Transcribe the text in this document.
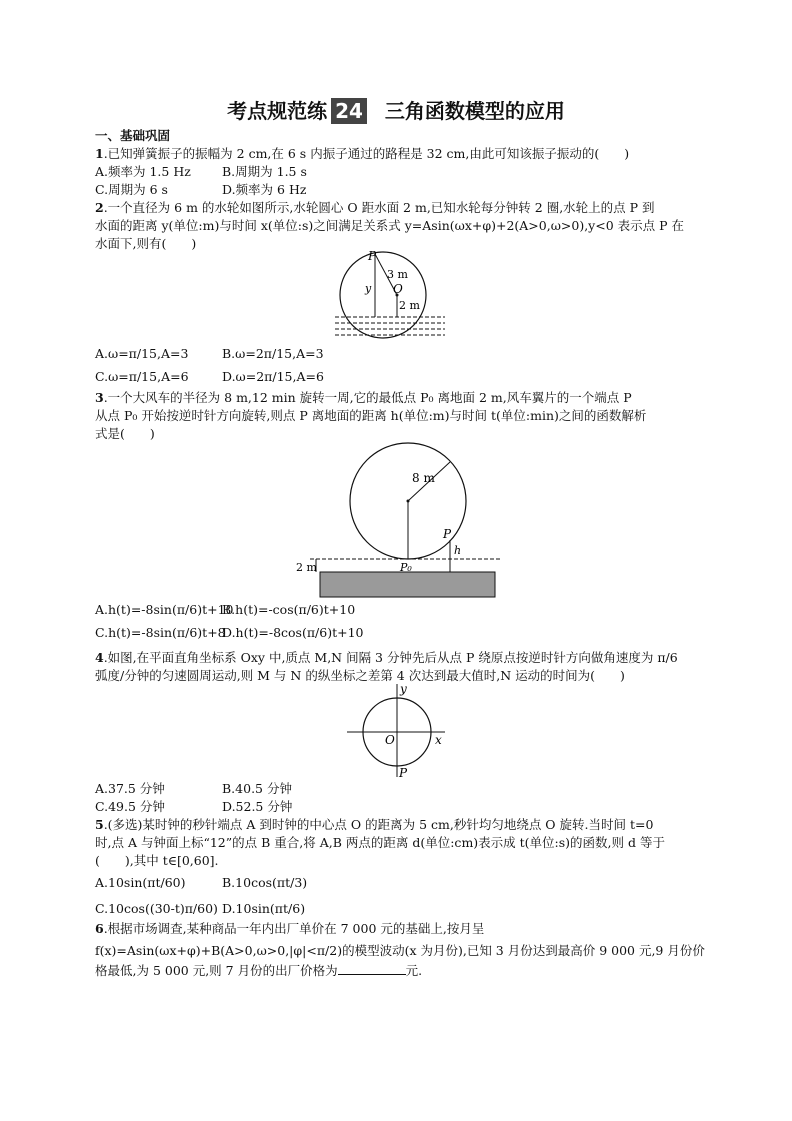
考点规范练 24 三角函数模型的应用
一、基础巩固
1.已知弹簧振子的振幅为 2 cm,在 6 s 内振子通过的路程是 32 cm,由此可知该振子振动的(　　)
A.频率为 1.5 Hz B.周期为 1.5 s
C.周期为 6 s	D.频率为 6 Hz
2.一个直径为 6 m 的水轮如图所示,水轮圆心 O 距水面 2 m,已知水轮每分钟转 2 圈,水轮上的点 P 到
水面的距离 y(单位:m)与时间 x(单位:s)之间满足关系式 y=Asin(ωx+φ)+2(A>0,ω>0),y<0 表示点 P 在
水面下,则有(　　)
P
3 m
O
y
2 m
A.ω=π/15,A=3	B.ω=2π/15,A=3
C.ω=π/15,A=6	D.ω=2π/15,A=6
3.一个大风车的半径为 8 m,12 min 旋转一周,它的最低点 P₀ 离地面 2 m,风车翼片的一个端点 P
从点 P₀ 开始按逆时针方向旋转,则点 P 离地面的距离 h(单位:m)与时间 t(单位:min)之间的函数解析
式是(　　)
8 m
P
h
2 m	P₀
A.h(t)=-8sin(π/6)t+10
B.h(t)=-cos(π/6)t+10
C.h(t)=-8sin(π/6)t+8
D.h(t)=-8cos(π/6)t+10
4.如图,在平面直角坐标系 Oxy 中,质点 M,N 间隔 3 分钟先后从点 P 绕原点按逆时针方向做角速度为 π/6
弧度/分钟的匀速圆周运动,则 M 与 N 的纵坐标之差第 4 次达到最大值时,N 运动的时间为(　　)
y
x
O
P
A.37.5 分钟	B.40.5 分钟
C.49.5 分钟	D.52.5 分钟
5.(多选)某时钟的秒针端点 A 到时钟的中心点 O 的距离为 5 cm,秒针均匀地绕点 O 旋转.当时间 t=0
时,点 A 与钟面上标“12”的点 B 重合,将 A,B 两点的距离 d(单位:cm)表示成 t(单位:s)的函数,则 d 等于
(　　),其中 t∈[0,60].
A.10sin(πt/60)	B.10cos(πt/3)
C.10cos((30-t)π/60) D.10sin(πt/6)
6.根据市场调查,某种商品一年内出厂单价在 7 000 元的基础上,按月呈
f(x)=Asin(ωx+φ)+B(A>0,ω>0,|φ|<π/2)的模型波动(x 为月份),已知 3 月份达到最高价 9 000 元,9 月份价
格最低,为 5 000 元,则 7 月份的出厂价格为	元.
